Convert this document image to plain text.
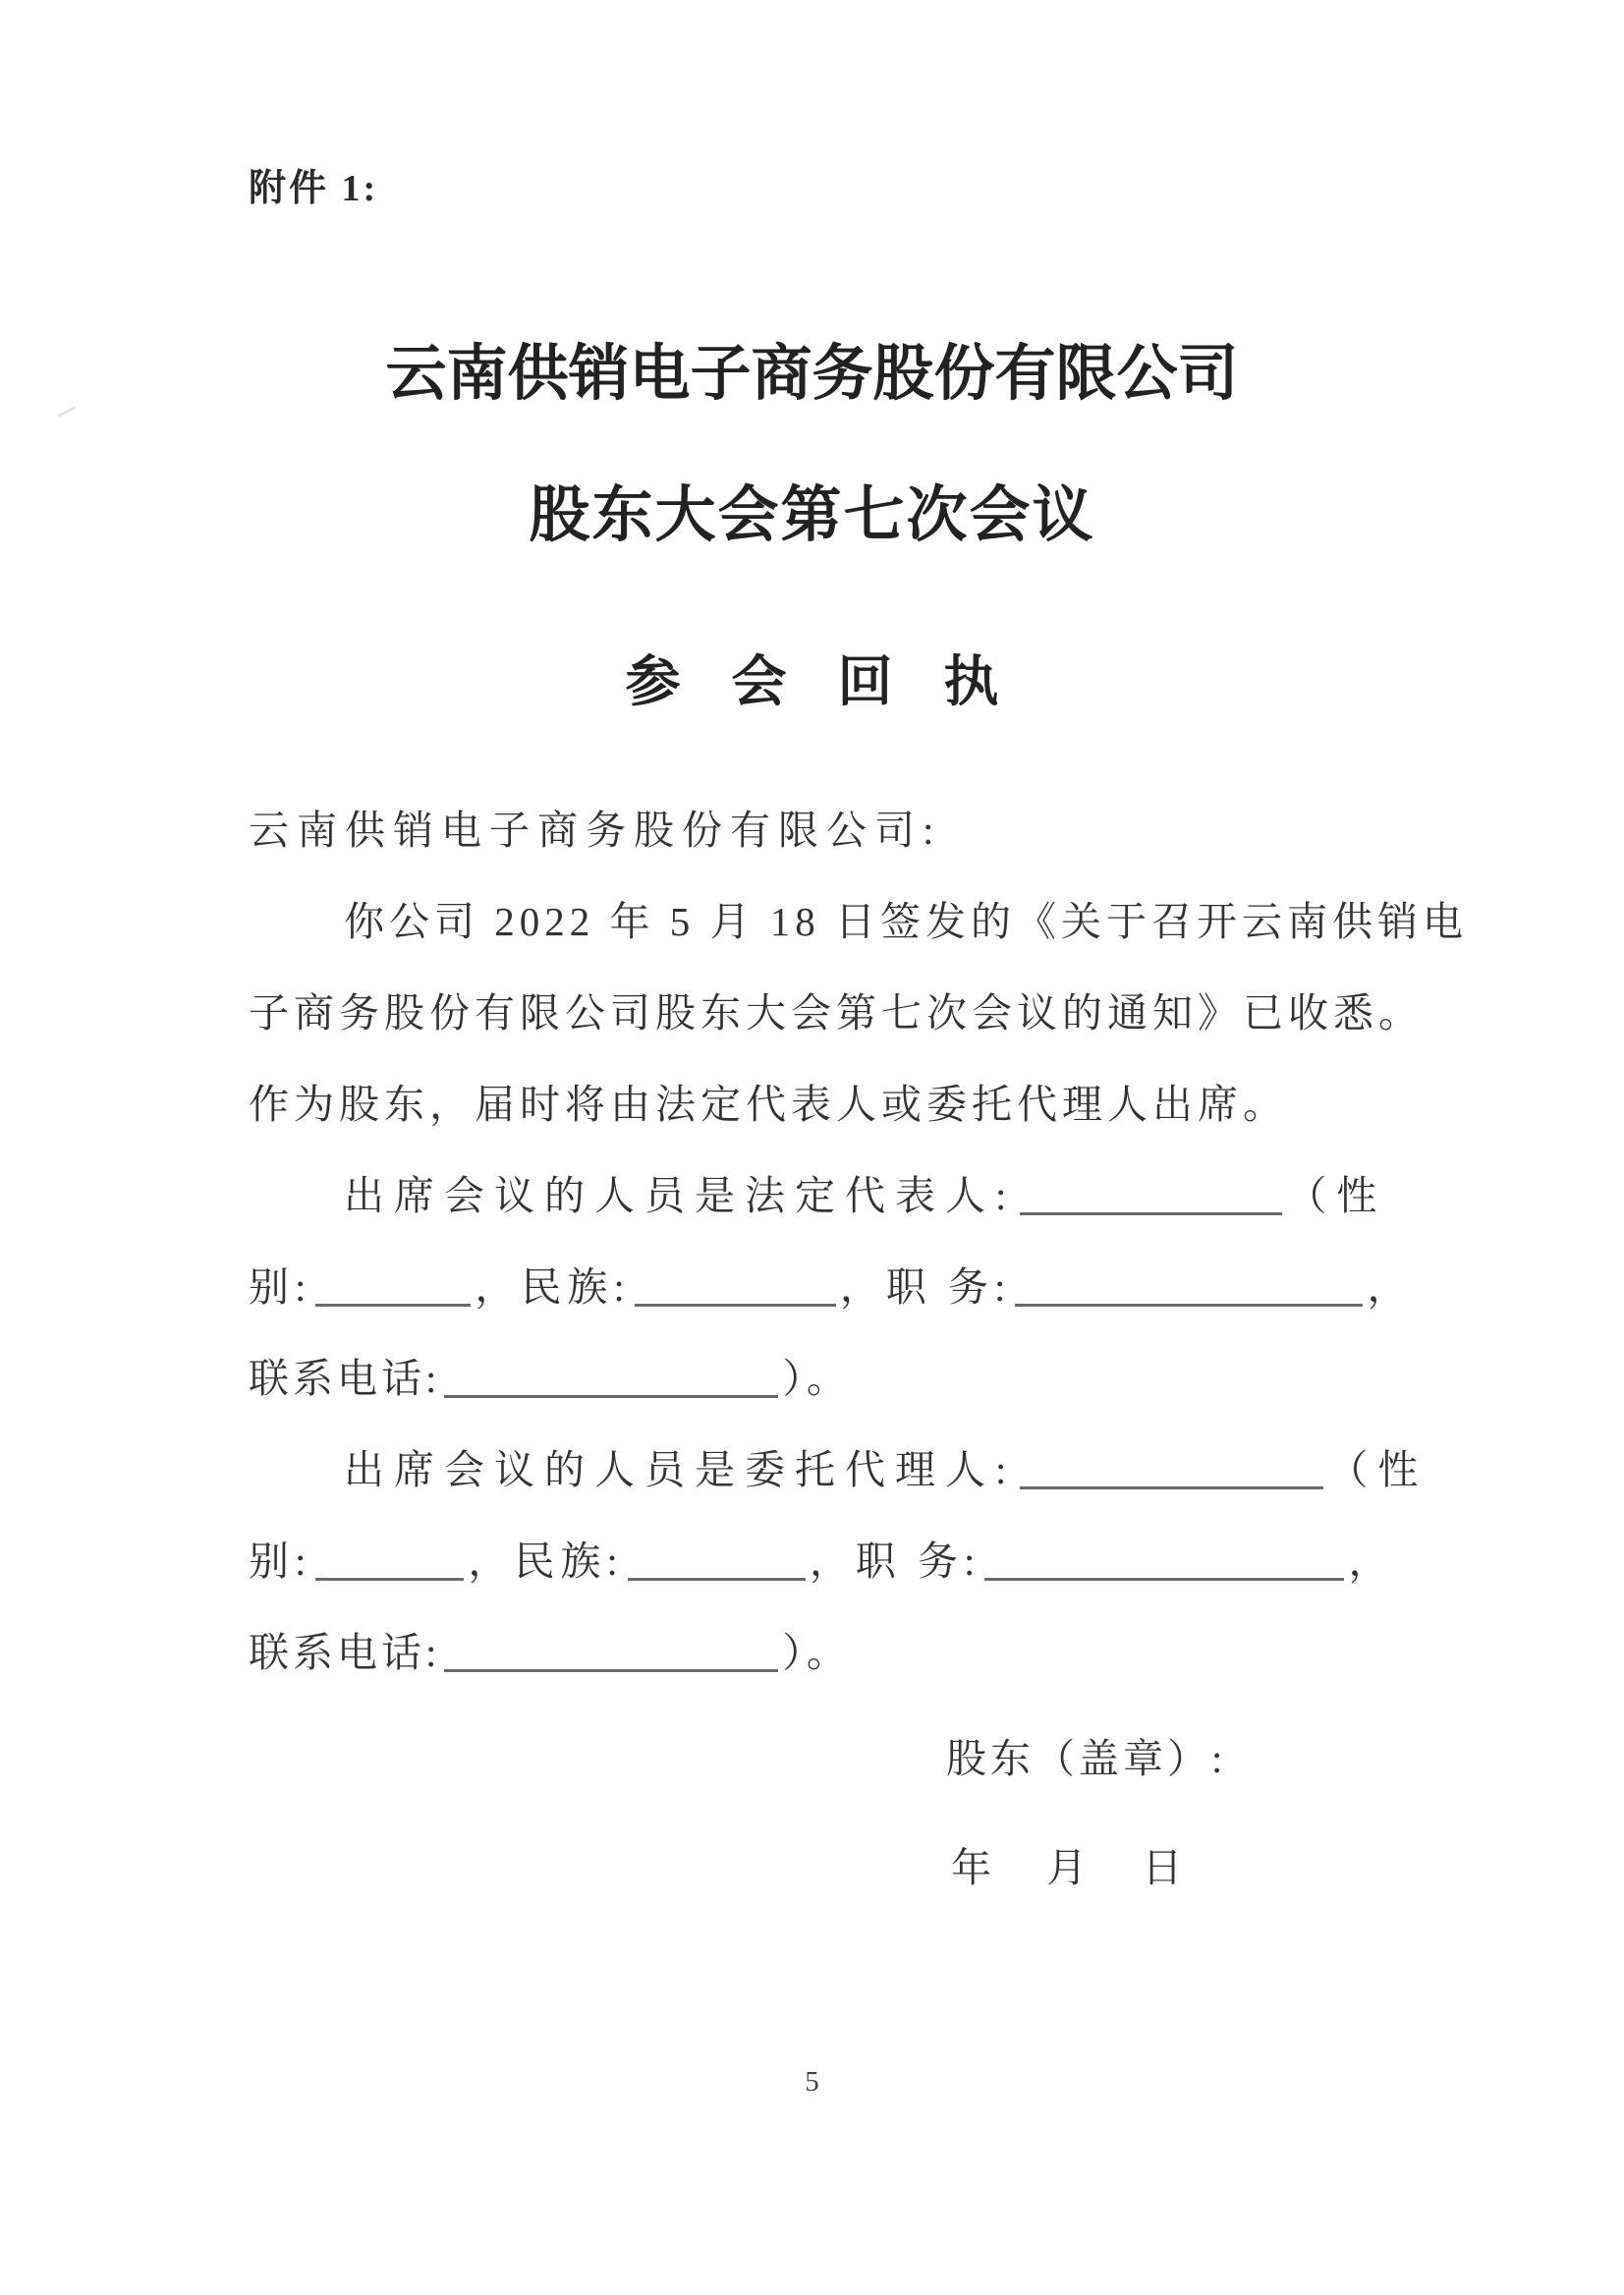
附件 1:
云南供销电子商务股份有限公司
股东大会第七次会议
参会回执
云南供销电子商务股份有限公司:
你公司 2022 年 5 月 18 日签发的《关于召开云南供销电
子商务股份有限公司股东大会第七次会议的通知》已收悉。
作为股东，届时将由法定代表人或委托代理人出席。
出席会议的人员是法定代表人:	（性
别:	，民族:	，职 务:	，
联系电话:	）。
出席会议的人员是委托代理人:	（性
别:	，民族:	，职 务:	，
联系电话:	）。
股东（盖章）:
年 月 日
5
